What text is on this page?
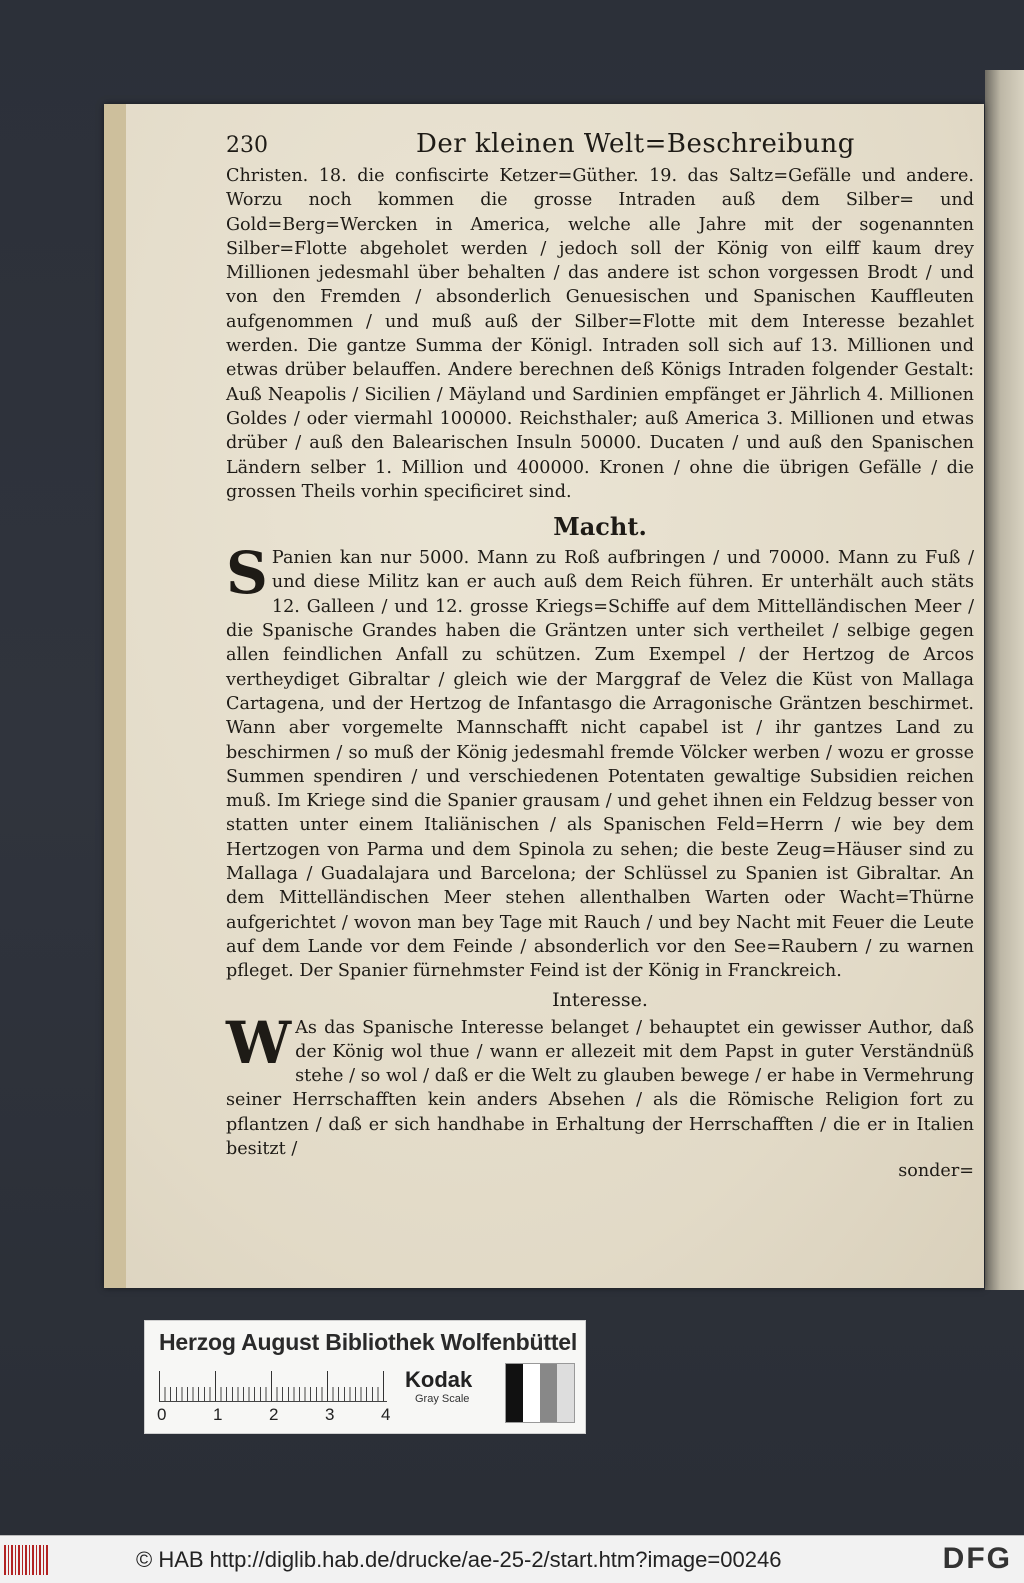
230	Der kleinen Welt=Beschreibung

Christen. 18. die confiscirte Ketzer=Güther. 19. das Saltz=Gefälle und andere. Worzu noch kommen die grosse Intraden auß dem Silber= und Gold=Berg=Wercken in America, welche alle Jahre mit der sogenannten Silber=Flotte abgeholet werden / jedoch soll der König von eilff kaum drey Millionen jedesmahl über behalten / das andere ist schon vorgessen Brodt / und von den Fremden / absonderlich Genuesischen und Spanischen Kauffleuten aufgenommen / und muß auß der Silber=Flotte mit dem Interesse bezahlet werden. Die gantze Summa der Königl. Intraden soll sich auf 13. Millionen und etwas drüber belauffen. Andere berechnen deß Königs Intraden folgender Gestalt: Auß Neapolis / Sicilien / Mäyland und Sardinien empfänget er Jährlich 4. Millionen Goldes / oder viermahl 100000. Reichsthaler; auß America 3. Millionen und etwas drüber / auß den Balearischen Insuln 50000. Ducaten / und auß den Spanischen Ländern selber 1. Million und 400000. Kronen / ohne die übrigen Gefälle / die grossen Theils vorhin specificiret sind.

Macht.

S Panien kan nur 5000. Mann zu Roß aufbringen / und 70000. Mann zu Fuß / und diese Militz kan er auch auß dem Reich führen. Er unterhält auch stäts 12. Galleen / und 12. grosse Kriegs=Schiffe auf dem Mittelländischen Meer / die Spanische Grandes haben die Gräntzen unter sich vertheilet / selbige gegen allen feindlichen Anfall zu schützen. Zum Exempel / der Hertzog de Arcos vertheydiget Gibraltar / gleich wie der Marggraf de Velez die Küst von Mallaga Cartagena, und der Hertzog de Infantasgo die Arragonische Gräntzen beschirmet. Wann aber vorgemelte Mannschafft nicht capabel ist / ihr gantzes Land zu beschirmen / so muß der König jedesmahl fremde Völcker werben / wozu er grosse Summen spendiren / und verschiedenen Potentaten gewaltige Subsidien reichen muß. Im Kriege sind die Spanier grausam / und gehet ihnen ein Feldzug besser von statten unter einem Italiänischen / als Spanischen Feld=Herrn / wie bey dem Hertzogen von Parma und dem Spinola zu sehen; die beste Zeug=Häuser sind zu Mallaga / Guadalajara und Barcelona; der Schlüssel zu Spanien ist Gibraltar. An dem Mittelländischen Meer stehen allenthalben Warten oder Wacht=Thürne aufgerichtet / wovon man bey Tage mit Rauch / und bey Nacht mit Feuer die Leute auf dem Lande vor dem Feinde / absonderlich vor den See=Raubern / zu warnen pfleget. Der Spanier fürnehmster Feind ist der König in Franckreich.

Interesse.

W As das Spanische Interesse belanget / behauptet ein gewisser Author, daß der König wol thue / wann er allezeit mit dem Papst in guter Verständnüß stehe / so wol / daß er die Welt zu glauben bewege / er habe in Vermehrung seiner Herrschafften kein anders Absehen / als die Römische Religion fort zu pflantzen / daß er sich handhabe in Erhaltung der Herrschafften / die er in Italien besitzt /

sonder=
Herzog August Bibliothek Wolfenbüttel
0	1	2	3	4
Kodak
Gray Scale
© HAB http://diglib.hab.de/drucke/ae-25-2/start.htm?image=00246	DFG
